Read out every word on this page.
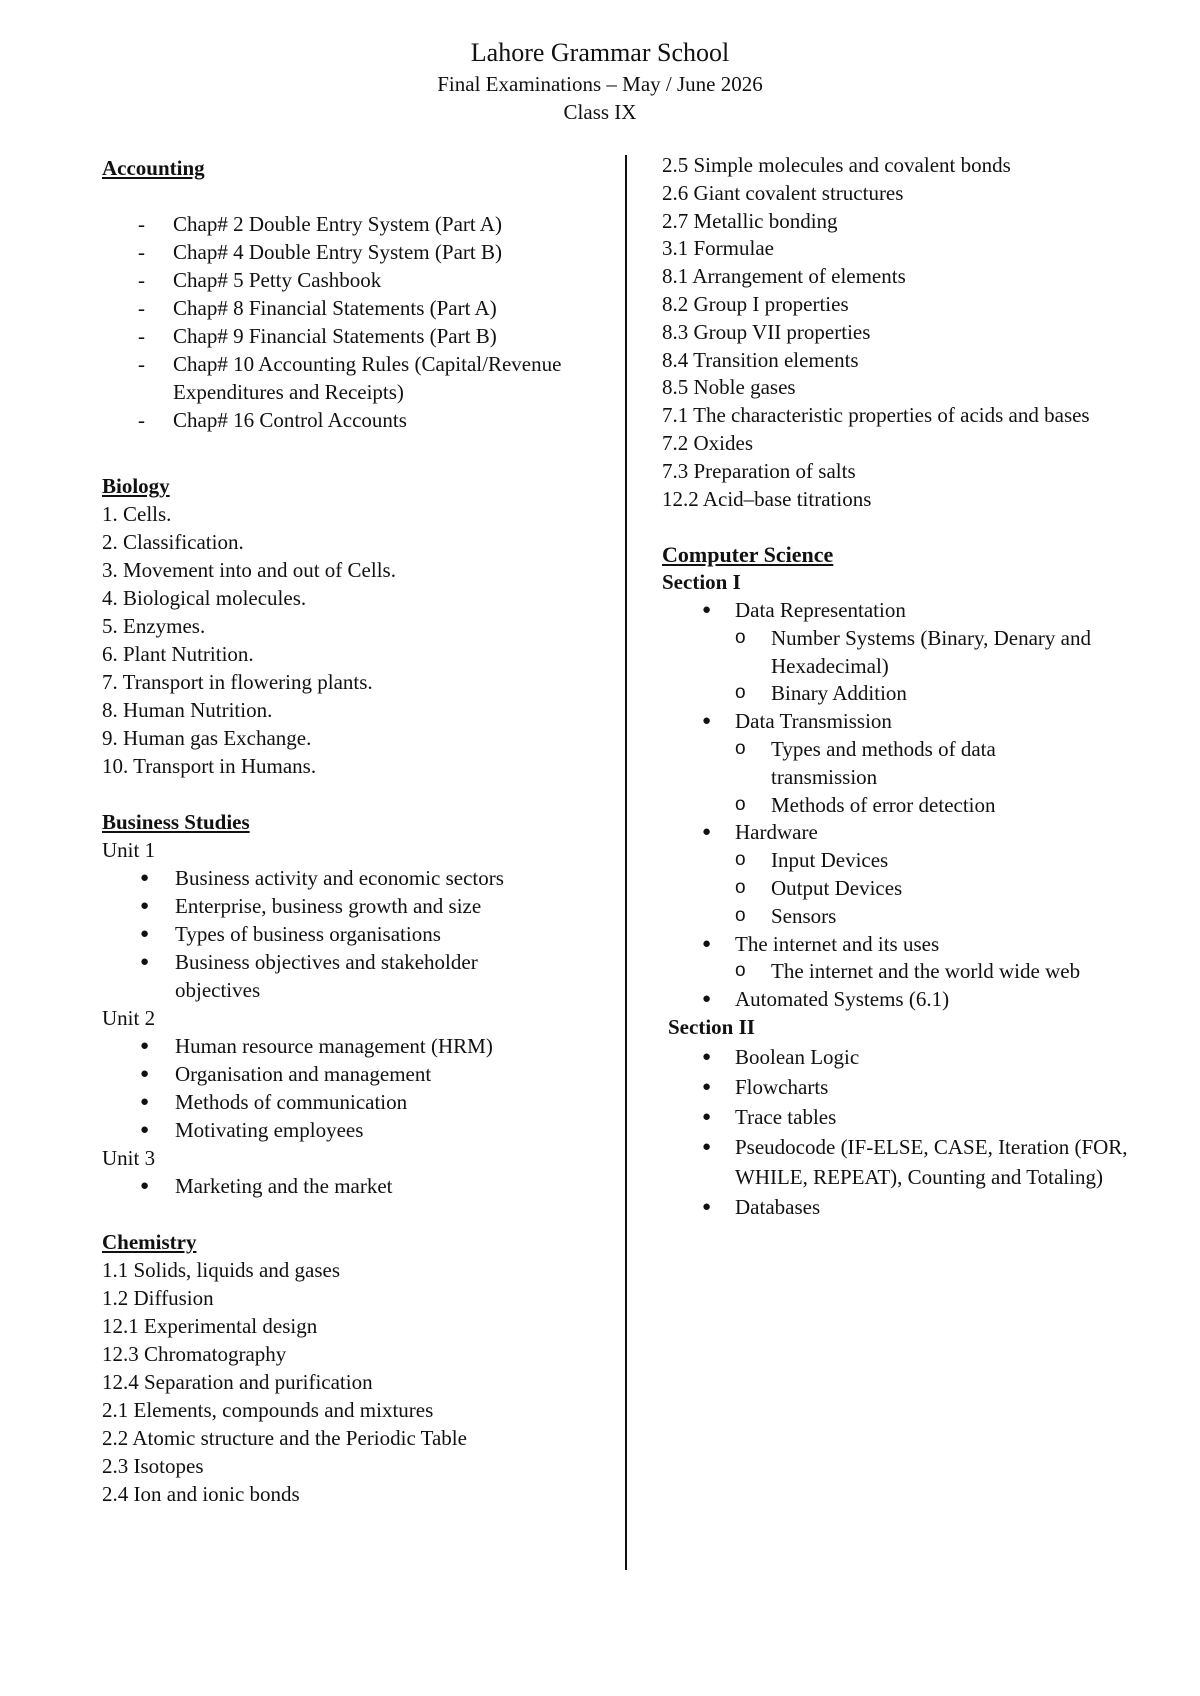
Lahore Grammar School
Final Examinations – May / June 2026
Class IX
Accounting
- Chap# 2 Double Entry System (Part A)
- Chap# 4 Double Entry System (Part B)
- Chap# 5 Petty Cashbook
- Chap# 8 Financial Statements (Part A)
- Chap# 9 Financial Statements (Part B)
- Chap# 10 Accounting Rules (Capital/Revenue Expenditures and Receipts)
- Chap# 16 Control Accounts
Biology
1. Cells.
2. Classification.
3. Movement into and out of Cells.
4. Biological molecules.
5. Enzymes.
6. Plant Nutrition.
7. Transport in flowering plants.
8. Human Nutrition.
9. Human gas Exchange.
10. Transport in Humans.
Business Studies
Unit 1
● Business activity and economic sectors
● Enterprise, business growth and size
● Types of business organisations
● Business objectives and stakeholder objectives
Unit 2
● Human resource management (HRM)
● Organisation and management
● Methods of communication
● Motivating employees
Unit 3
● Marketing and the market
Chemistry
1.1 Solids, liquids and gases
1.2 Diffusion
12.1 Experimental design
12.3 Chromatography
12.4 Separation and purification
2.1 Elements, compounds and mixtures
2.2 Atomic structure and the Periodic Table
2.3 Isotopes
2.4 Ion and ionic bonds
2.5 Simple molecules and covalent bonds
2.6 Giant covalent structures
2.7 Metallic bonding
3.1 Formulae
8.1 Arrangement of elements
8.2 Group I properties
8.3 Group VII properties
8.4 Transition elements
8.5 Noble gases
7.1 The characteristic properties of acids and bases
7.2 Oxides
7.3 Preparation of salts
12.2 Acid–base titrations
Computer Science
Section I
● Data Representation
o Number Systems (Binary, Denary and Hexadecimal)
o Binary Addition
● Data Transmission
o Types and methods of data transmission
o Methods of error detection
● Hardware
o Input Devices
o Output Devices
o Sensors
● The internet and its uses
o The internet and the world wide web
● Automated Systems (6.1)
Section II
● Boolean Logic
● Flowcharts
● Trace tables
● Pseudocode (IF-ELSE, CASE, Iteration (FOR, WHILE, REPEAT), Counting and Totaling)
● Databases
